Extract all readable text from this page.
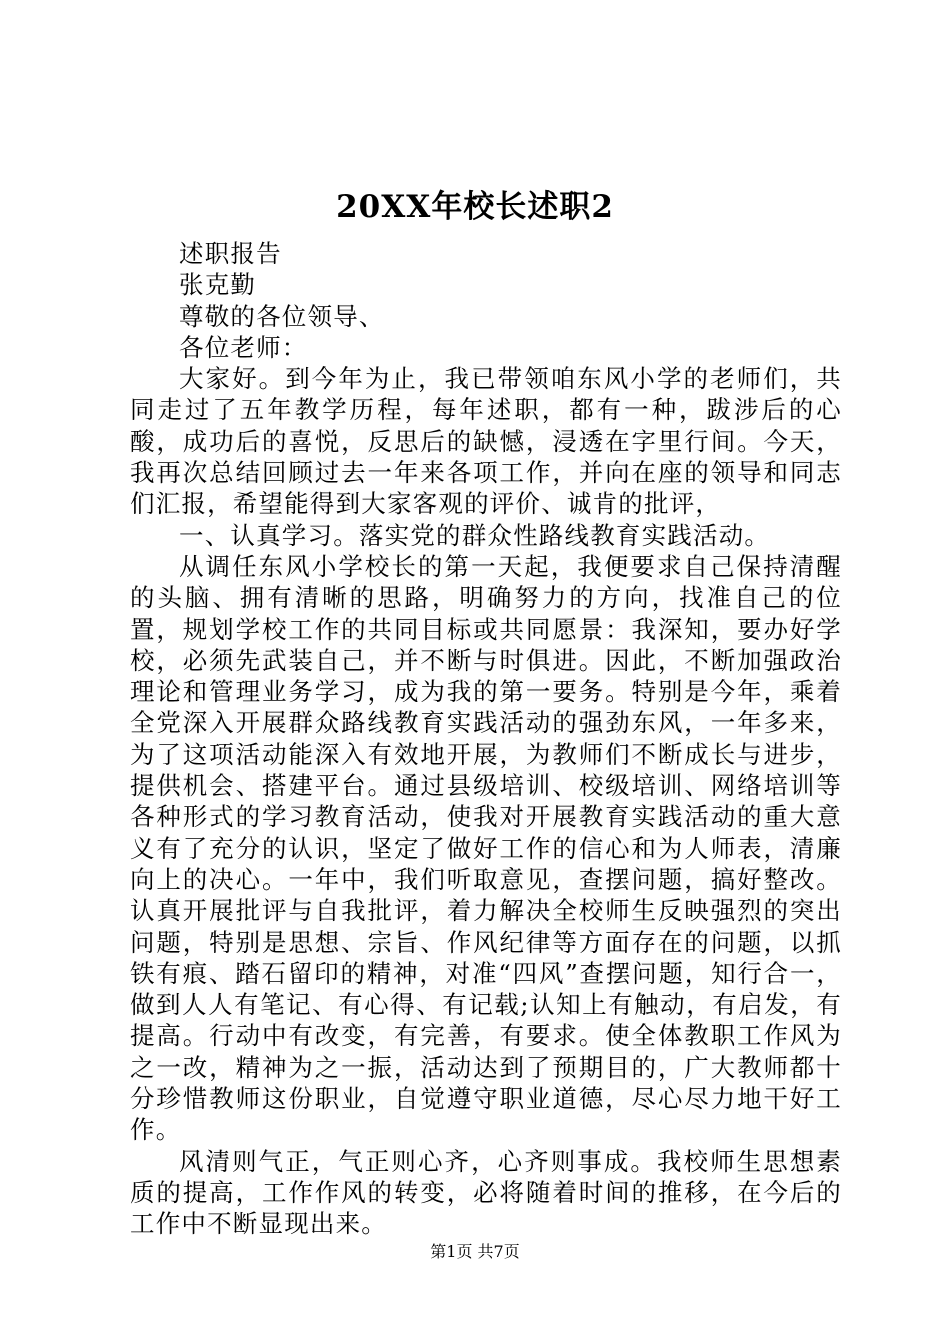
20XX年校长述职2

述职报告

张克勤

尊敬的各位领导、

各位老师：

大家好。到今年为止，我已带领咱东风小学的老师们，共同走过了五年教学历程，每年述职，都有一种，跋涉后的心酸，成功后的喜悦，反思后的缺憾，浸透在字里行间。今天，我再次总结回顾过去一年来各项工作，并向在座的领导和同志们汇报，希望能得到大家客观的评价、诚肯的批评，

一、认真学习。落实党的群众性路线教育实践活动。

从调任东风小学校长的第一天起，我便要求自己保持清醒的头脑、拥有清晰的思路，明确努力的方向，找准自己的位置，规划学校工作的共同目标或共同愿景：我深知，要办好学校，必须先武装自己，并不断与时俱进。因此，不断加强政治理论和管理业务学习，成为我的第一要务。特别是今年，乘着全党深入开展群众路线教育实践活动的强劲东风，一年多来，为了这项活动能深入有效地开展，为教师们不断成长与进步，提供机会、搭建平台。通过县级培训、校级培训、网络培训等各种形式的学习教育活动，使我对开展教育实践活动的重大意义有了充分的认识，坚定了做好工作的信心和为人师表，清廉向上的决心。一年中，我们听取意见，查摆问题，搞好整改。认真开展批评与自我批评，着力解决全校师生反映强烈的突出问题，特别是思想、宗旨、作风纪律等方面存在的问题，以抓铁有痕、踏石留印的精神，对准“四风”查摆问题，知行合一，做到人人有笔记、有心得、有记载;认知上有触动，有启发，有提高。行动中有改变，有完善，有要求。使全体教职工作风为之一改，精神为之一振，活动达到了预期目的，广大教师都十分珍惜教师这份职业，自觉遵守职业道德，尽心尽力地干好工作。

风清则气正，气正则心齐，心齐则事成。我校师生思想素质的提高，工作作风的转变，必将随着时间的推移，在今后的工作中不断显现出来。

第1页 共7页
